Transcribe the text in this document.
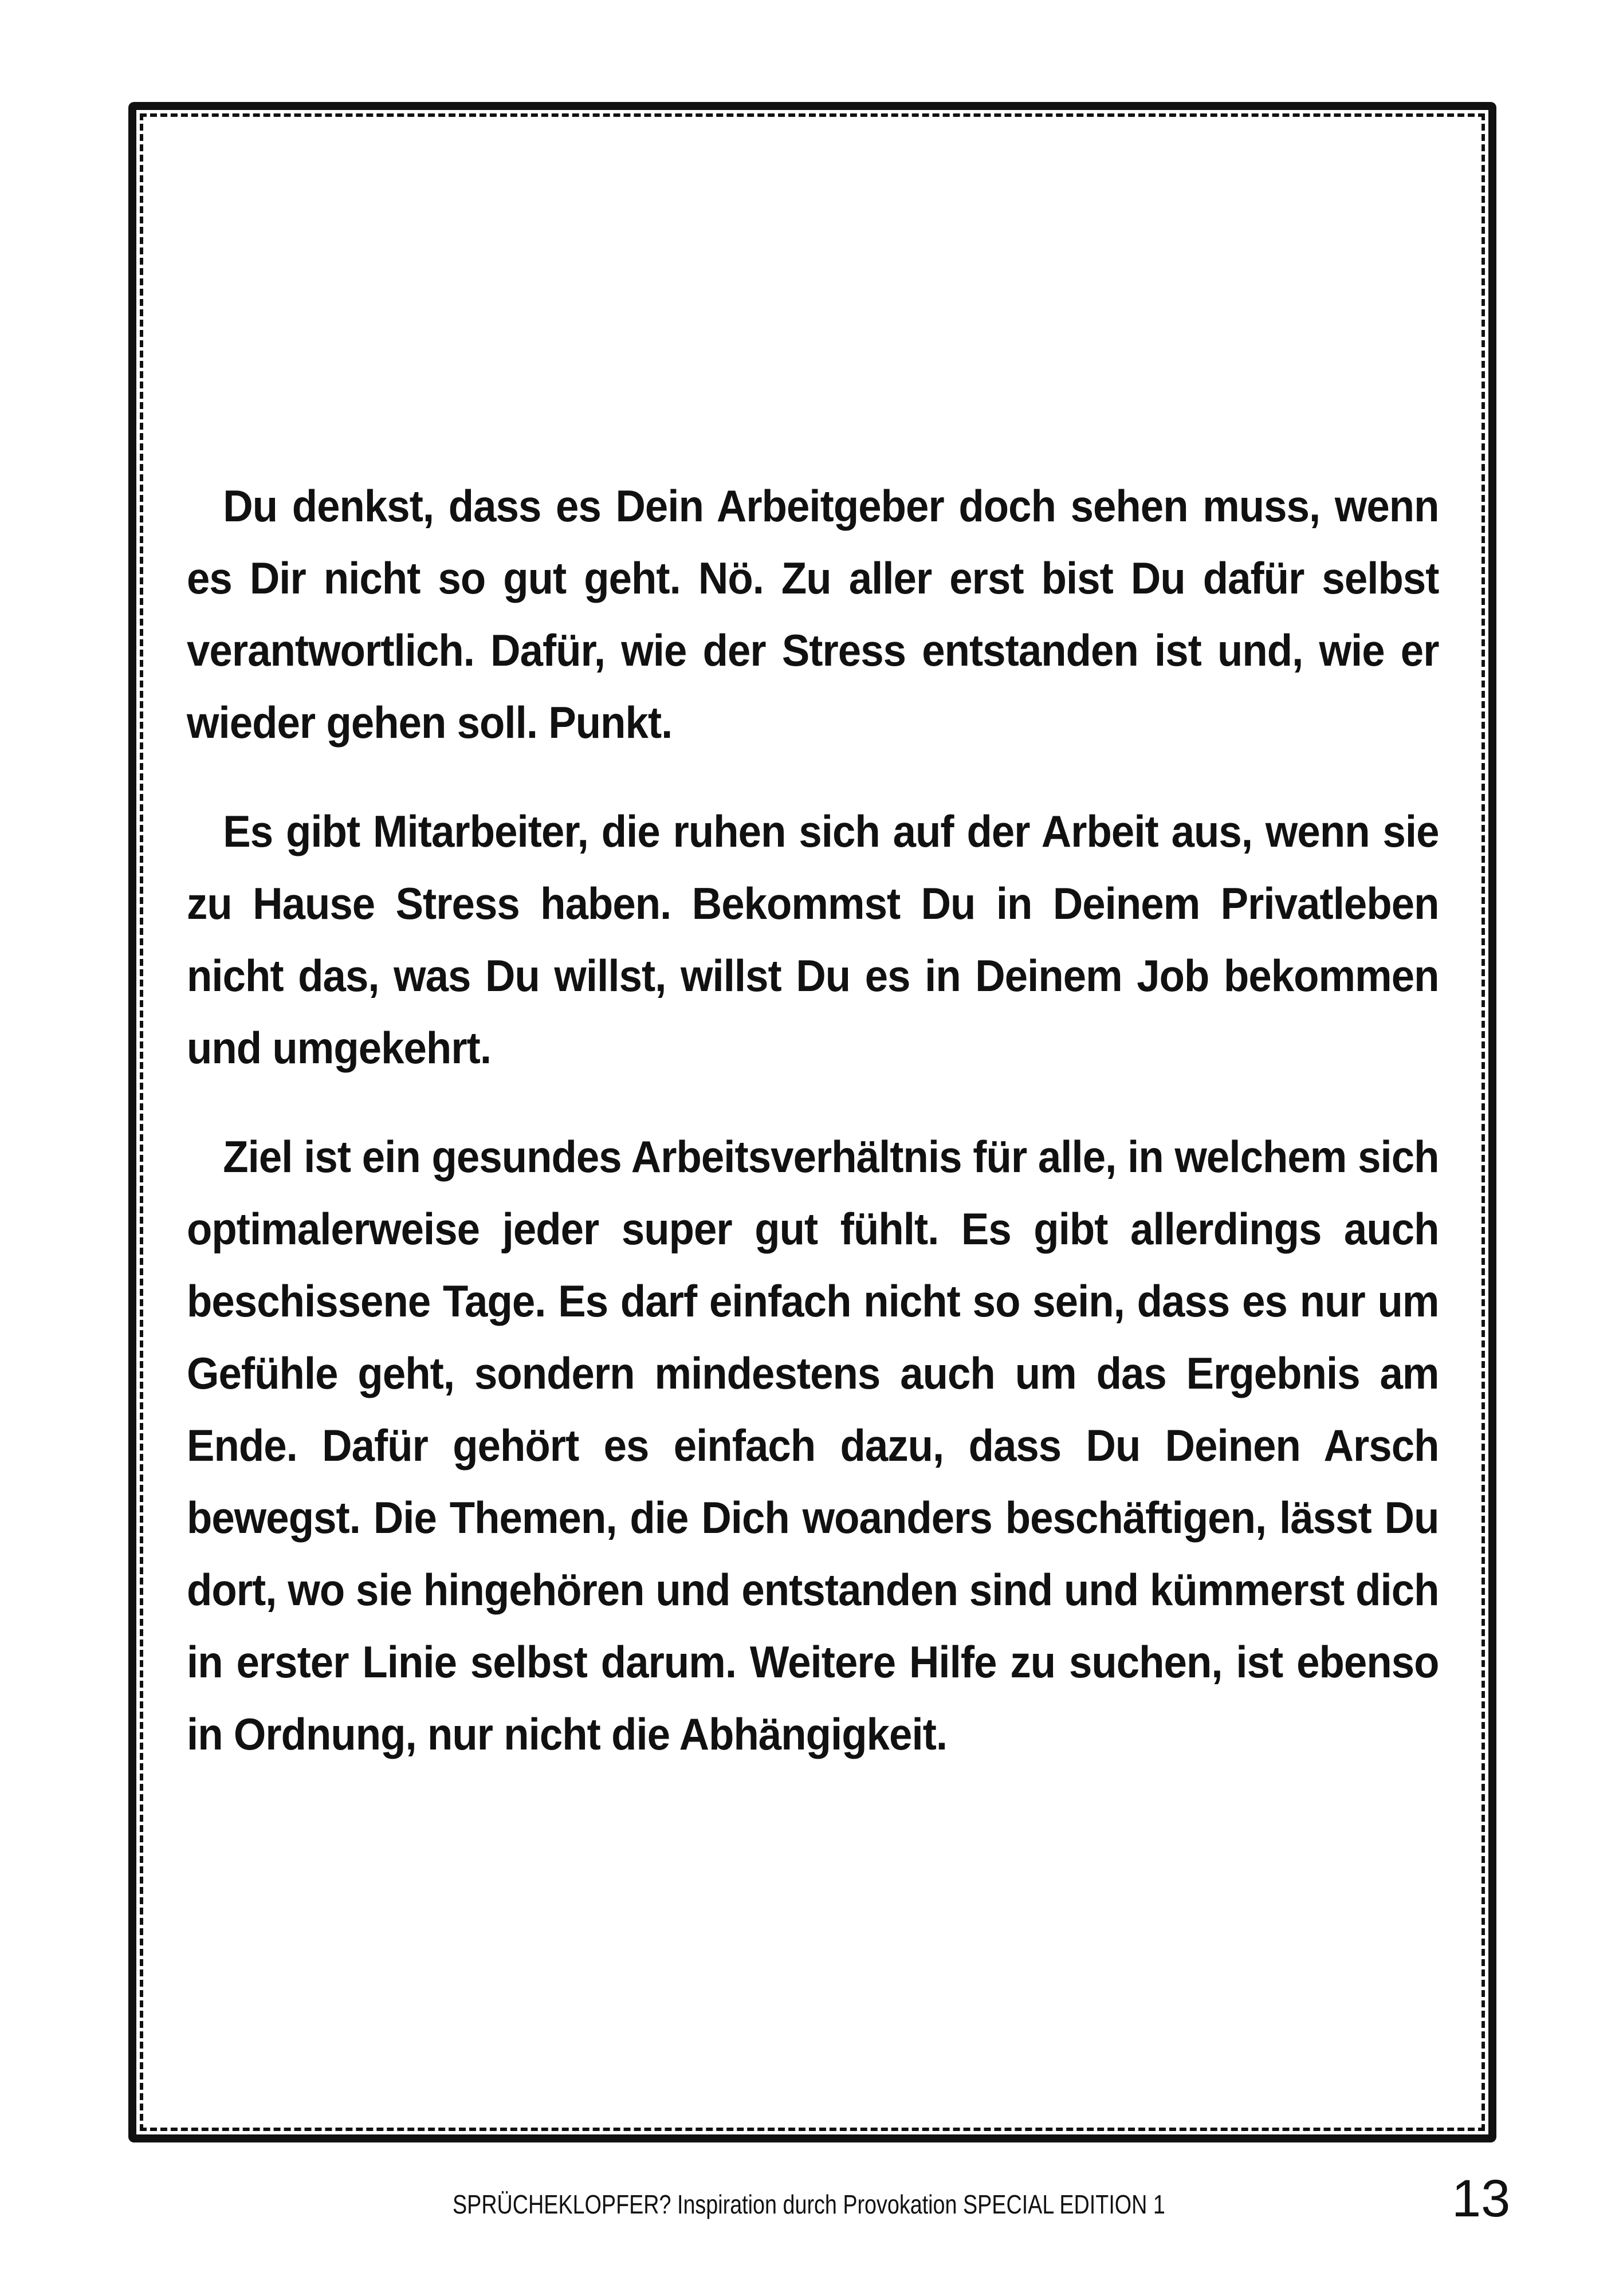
Du denkst, dass es Dein Arbeitgeber doch sehen muss, wenn es Dir nicht so gut geht. Nö. Zu aller erst bist Du dafür selbst verantwortlich. Dafür, wie der Stress entstanden ist und, wie er wieder gehen soll. Punkt.

Es gibt Mitarbeiter, die ruhen sich auf der Arbeit aus, wenn sie zu Hause Stress haben. Bekommst Du in Deinem Privatleben nicht das, was Du willst, willst Du es in Deinem Job bekommen und umgekehrt.

Ziel ist ein gesundes Arbeitsverhältnis für alle, in welchem sich optimalerweise jeder super gut fühlt. Es gibt allerdings auch beschissene Tage. Es darf einfach nicht so sein, dass es nur um Gefühle geht, sondern mindestens auch um das Ergebnis am Ende. Dafür gehört es einfach dazu, dass Du Deinen Arsch bewegst. Die Themen, die Dich woanders beschäftigen, lässt Du dort, wo sie hingehören und entstanden sind und kümmerst dich in erster Linie selbst darum. Weitere Hilfe zu suchen, ist ebenso in Ordnung, nur nicht die Abhängigkeit.

SPRÜCHEKLOPFER? Inspiration durch Provokation SPECIAL EDITION 1	13
